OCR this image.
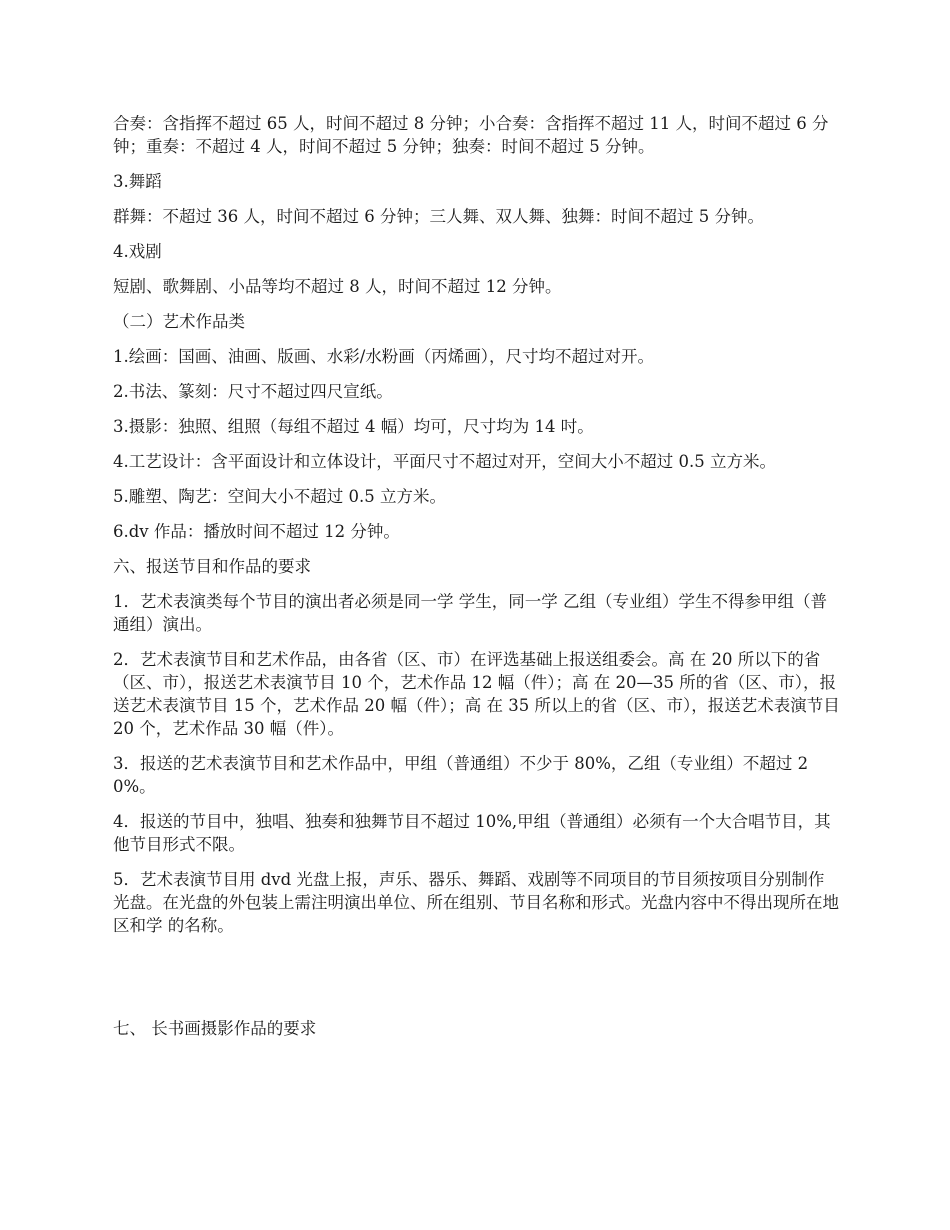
合奏：含指挥不超过 65 人，时间不超过 8 分钟；小合奏：含指挥不超过 11 人，时间不超过 6 分钟；重奏：不超过 4 人，时间不超过 5 分钟；独奏：时间不超过 5 分钟。

3.舞蹈

群舞：不超过 36 人，时间不超过 6 分钟；三人舞、双人舞、独舞：时间不超过 5 分钟。

4.戏剧

短剧、歌舞剧、小品等均不超过 8 人，时间不超过 12 分钟。

（二）艺术作品类

1.绘画：国画、油画、版画、水彩/水粉画（丙烯画），尺寸均不超过对开。

2.书法、篆刻：尺寸不超过四尺宣纸。

3.摄影：独照、组照（每组不超过 4 幅）均可，尺寸均为 14 吋。

4.工艺设计：含平面设计和立体设计，平面尺寸不超过对开，空间大小不超过 0.5 立方米。

5.雕塑、陶艺：空间大小不超过 0.5 立方米。

6.dv 作品：播放时间不超过 12 分钟。

六、报送节目和作品的要求

1．艺术表演类每个节目的演出者必须是同一学 学生，同一学 乙组（专业组）学生不得参甲组（普通组）演出。

2．艺术表演节目和艺术作品，由各省（区、市）在评选基础上报送组委会。高 在 20 所以下的省（区、市），报送艺术表演节目 10 个，艺术作品 12 幅（件）；高 在 20—35 所的省（区、市），报送艺术表演节目 15 个，艺术作品 20 幅（件）；高 在 35 所以上的省（区、市），报送艺术表演节目 20 个，艺术作品 30 幅（件）。

3．报送的艺术表演节目和艺术作品中，甲组（普通组）不少于 80%，乙组（专业组）不超过 20%。

4．报送的节目中，独唱、独奏和独舞节目不超过 10%,甲组（普通组）必须有一个大合唱节目，其他节目形式不限。

5．艺术表演节目用 dvd 光盘上报，声乐、器乐、舞蹈、戏剧等不同项目的节目须按项目分别制作光盘。在光盘的外包装上需注明演出单位、所在组别、节目名称和形式。光盘内容中不得出现所在地区和学 的名称。

七、 长书画摄影作品的要求
